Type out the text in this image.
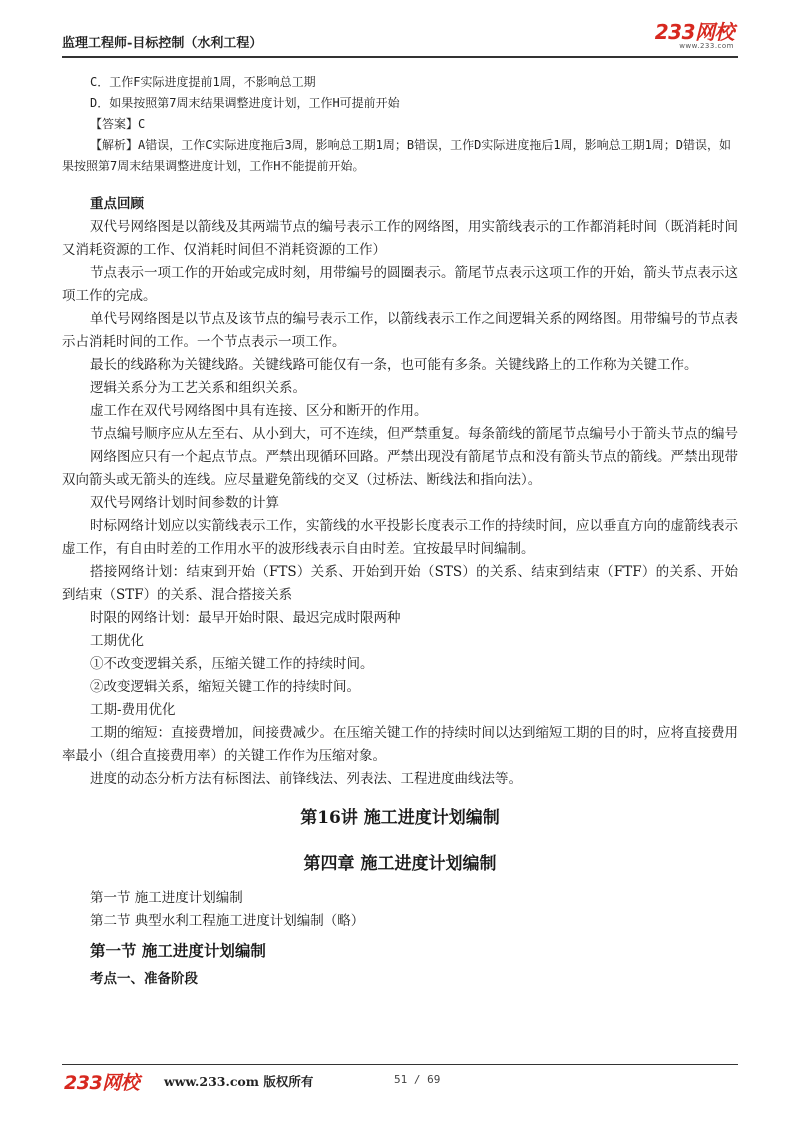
监理工程师-目标控制（水利工程）	233网校
www.233.com
C．工作F实际进度提前1周，不影响总工期
D．如果按照第7周末结果调整进度计划，工作H可提前开始
【答案】C
【解析】A错误，工作C实际进度拖后3周，影响总工期1周；B错误，工作D实际进度拖后1周，影响总工期1周；D错误，如果按照第7周末结果调整进度计划，工作H不能提前开始。
重点回顾

双代号网络图是以箭线及其两端节点的编号表示工作的网络图，用实箭线表示的工作都消耗时间（既消耗时间又消耗资源的工作、仅消耗时间但不消耗资源的工作）

节点表示一项工作的开始或完成时刻，用带编号的圆圈表示。箭尾节点表示这项工作的开始，箭头节点表示这项工作的完成。

单代号网络图是以节点及该节点的编号表示工作，以箭线表示工作之间逻辑关系的网络图。用带编号的节点表示占消耗时间的工作。一个节点表示一项工作。

最长的线路称为关键线路。关键线路可能仅有一条，也可能有多条。关键线路上的工作称为关键工作。

逻辑关系分为工艺关系和组织关系。

虚工作在双代号网络图中具有连接、区分和断开的作用。

节点编号顺序应从左至右、从小到大，可不连续，但严禁重复。每条箭线的箭尾节点编号小于箭头节点的编号

网络图应只有一个起点节点。严禁出现循环回路。严禁出现没有箭尾节点和没有箭头节点的箭线。严禁出现带双向箭头或无箭头的连线。应尽量避免箭线的交叉（过桥法、断线法和指向法）。

双代号网络计划时间参数的计算

时标网络计划应以实箭线表示工作，实箭线的水平投影长度表示工作的持续时间，应以垂直方向的虚箭线表示虚工作，有自由时差的工作用水平的波形线表示自由时差。宜按最早时间编制。

搭接网络计划：结束到开始（FTS）关系、开始到开始（STS）的关系、结束到结束（FTF）的关系、开始到结束（STF）的关系、混合搭接关系

时限的网络计划：最早开始时限、最迟完成时限两种

工期优化

①不改变逻辑关系，压缩关键工作的持续时间。

②改变逻辑关系，缩短关键工作的持续时间。

工期-费用优化

工期的缩短：直接费增加，间接费减少。在压缩关键工作的持续时间以达到缩短工期的目的时，应将直接费用率最小（组合直接费用率）的关键工作作为压缩对象。

进度的动态分析方法有标图法、前锋线法、列表法、工程进度曲线法等。

第16讲 施工进度计划编制
第四章 施工进度计划编制
第一节 施工进度计划编制
第二节 典型水利工程施工进度计划编制（略）
第一节 施工进度计划编制
考点一、准备阶段
233网校 www.233.com 版权所有	51 / 69
